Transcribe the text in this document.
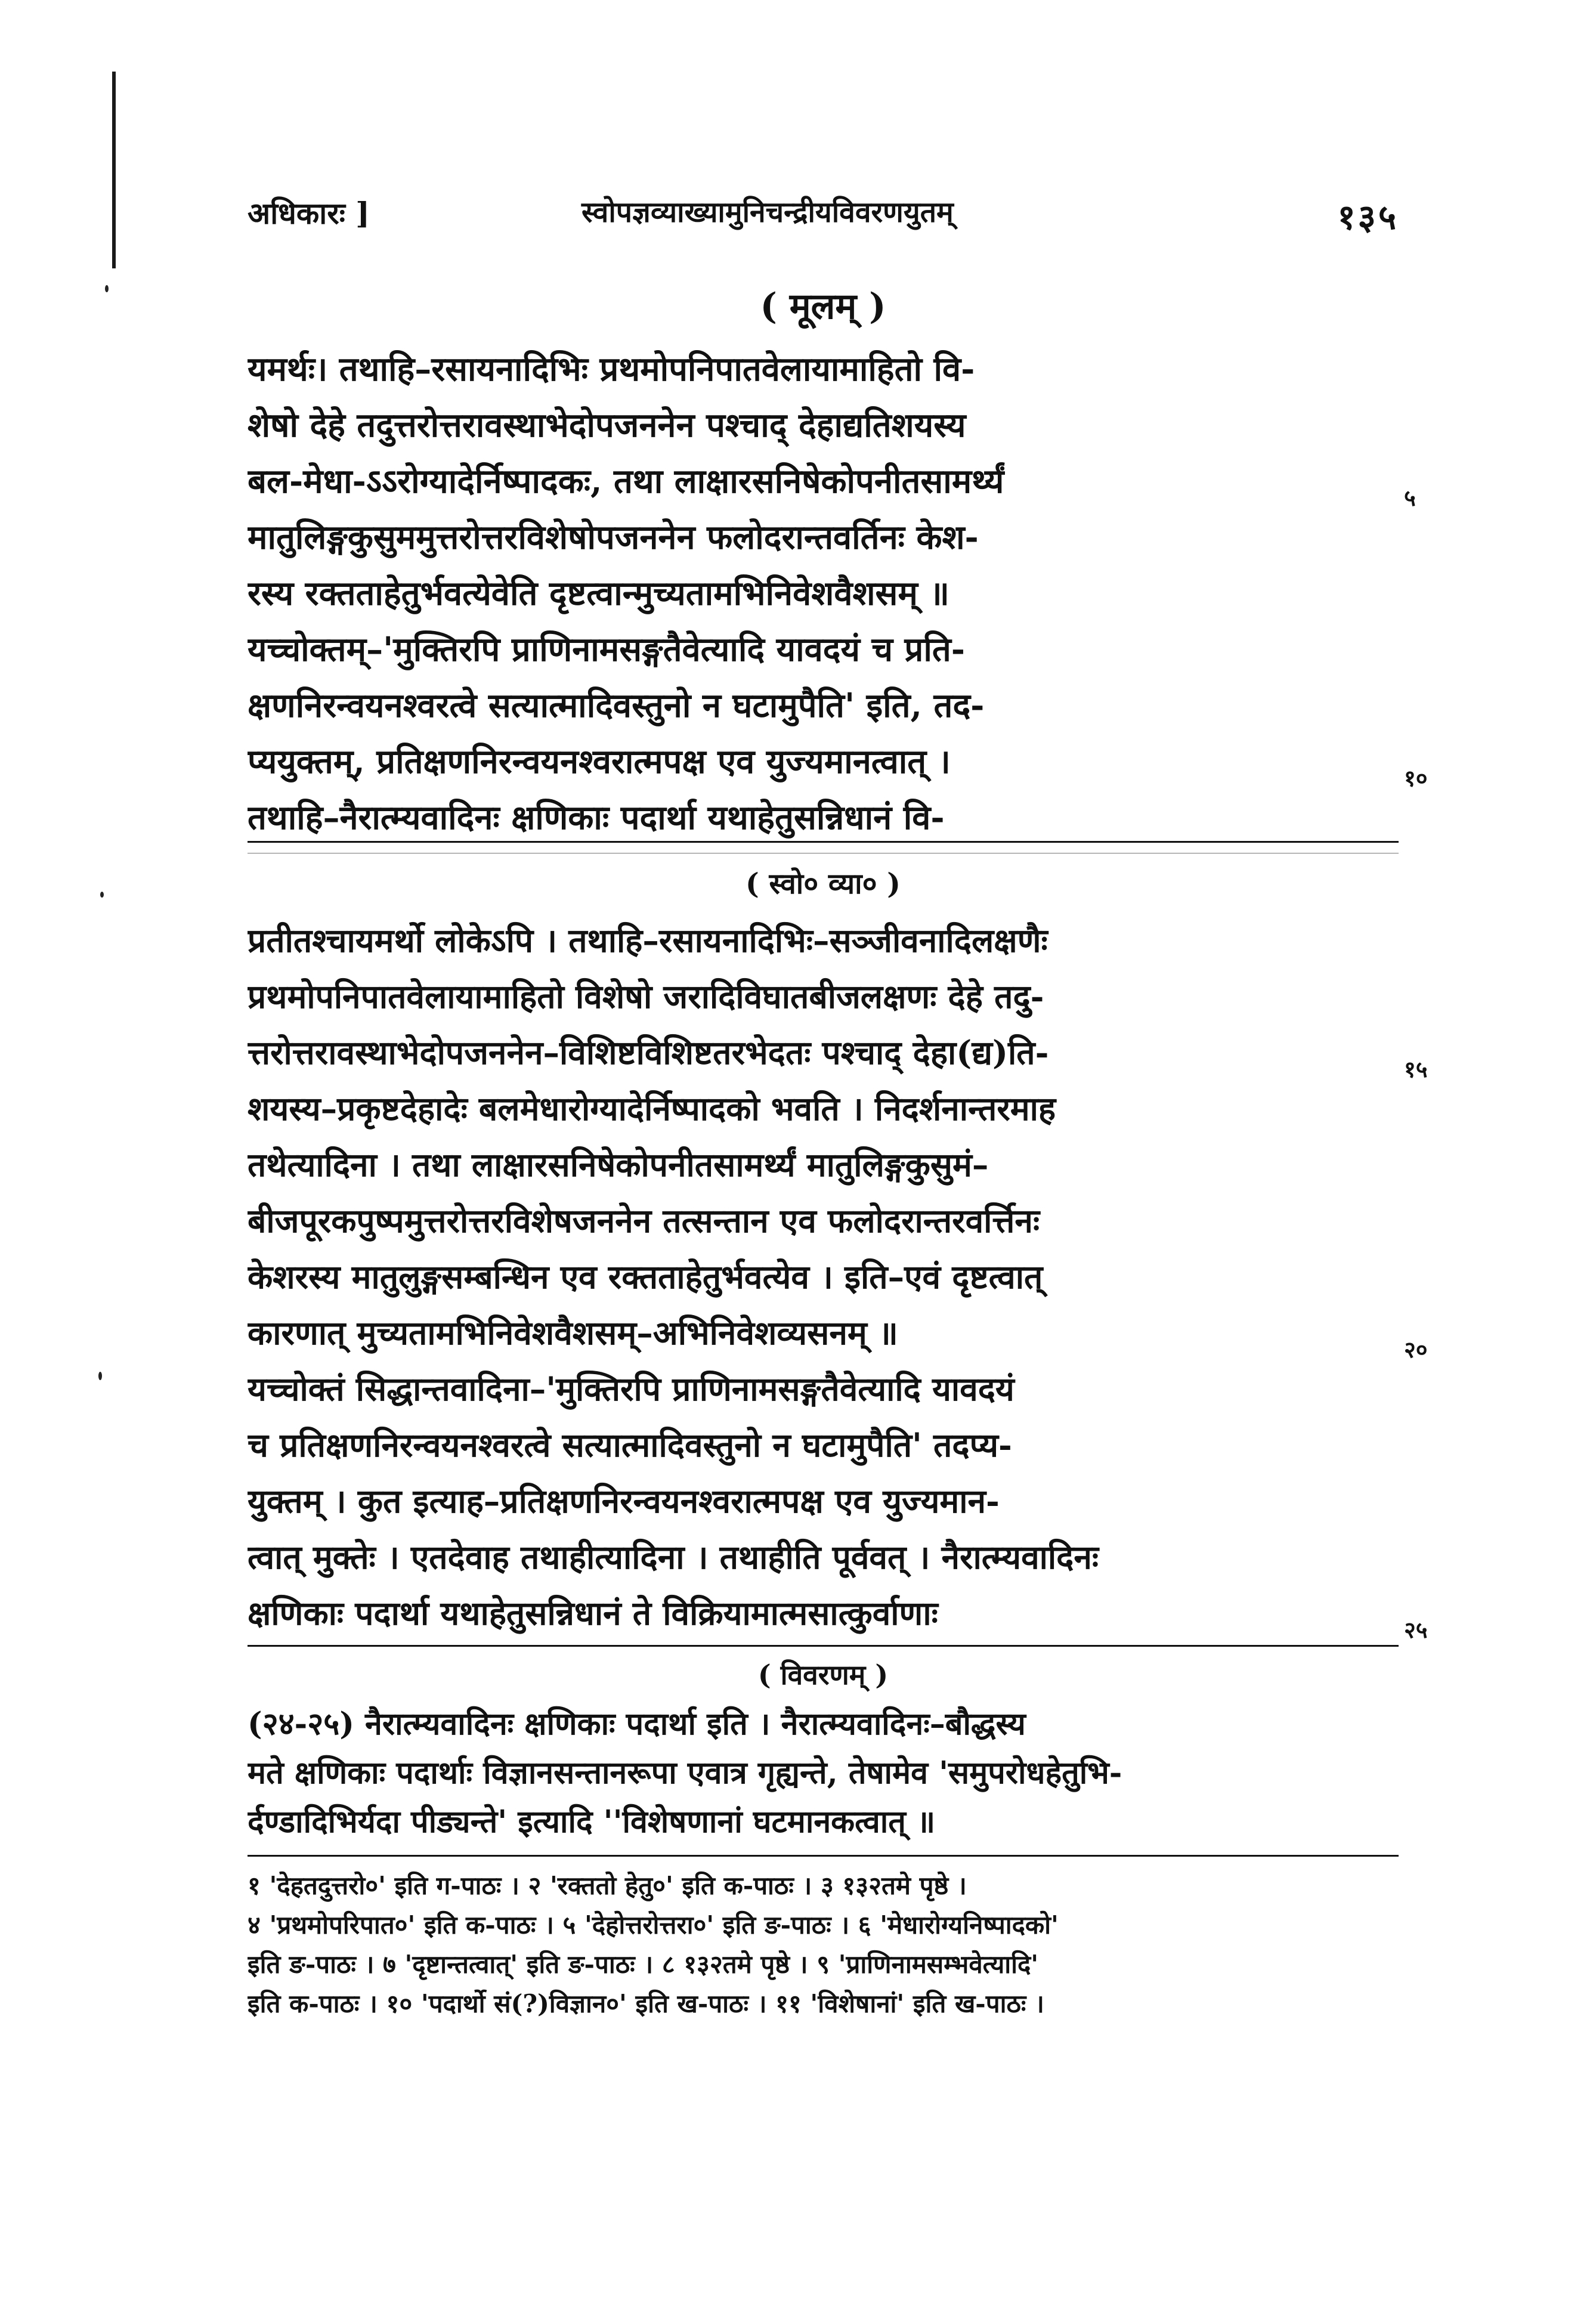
अधिकारः ]	स्वोपज्ञव्याख्यामुनिचन्द्रीयविवरणयुतम्	१३५
( मूलम् )
यमर्थः। तथाहि–रसायनादिभिः प्रथमोपनिपातवेलायामाहितो वि-
शेषो देहे तदुत्तरोत्तरावस्थाभेदोपजननेन पश्चाद् देहाद्यतिशयस्य
बल-मेधा-ऽऽरोग्यादेर्निष्पादकः, तथा लाक्षारसनिषेकोपनीतसामर्थ्यं
मातुलिङ्गकुसुममुत्तरोत्तरविशेषोपजननेन फलोदरान्तवर्तिनः केश-
रस्य रक्तताहेतुर्भवत्येवेति दृष्टत्वान्मुच्यतामभिनिवेशवैशसम् ॥
यच्चोक्तम्–'मुक्तिरपि प्राणिनामसङ्गतैवेत्यादि यावदयं च प्रति-
क्षणनिरन्वयनश्वरत्वे सत्यात्मादिवस्तुनो न घटामुपैति' इति, तद-
प्ययुक्तम्, प्रतिक्षणनिरन्वयनश्वरात्मपक्ष एव युज्यमानत्वात् ।
तथाहि–नैरात्म्यवादिनः क्षणिकाः पदार्था यथाहेतुसन्निधानं वि-
५
१०
( स्वो० व्या० )
प्रतीतश्चायमर्थो लोकेऽपि । तथाहि–रसायनादिभिः–सञ्जीवनादिलक्षणैः
प्रथमोपनिपातवेलायामाहितो विशेषो जरादिविघातबीजलक्षणः देहे तदु-
त्तरोत्तरावस्थाभेदोपजननेन–विशिष्टविशिष्टतरभेदतः पश्चाद् देहा(द्य)ति-
शयस्य–प्रकृष्टदेहादेः बलमेधारोग्यादेर्निष्पादको भवति । निदर्शनान्तरमाह
तथेत्यादिना । तथा लाक्षारसनिषेकोपनीतसामर्थ्यं मातुलिङ्गकुसुमं–
बीजपूरकपुष्पमुत्तरोत्तरविशेषजननेन तत्सन्तान एव फलोदरान्तरवर्त्तिनः
केशरस्य मातुलुङ्गसम्बन्धिन एव रक्तताहेतुर्भवत्येव । इति–एवं दृष्टत्वात्
कारणात् मुच्यतामभिनिवेशवैशसम्–अभिनिवेशव्यसनम् ॥
यच्चोक्तं सिद्धान्तवादिना–'मुक्तिरपि प्राणिनामसङ्गतैवेत्यादि यावदयं
च प्रतिक्षणनिरन्वयनश्वरत्वे सत्यात्मादिवस्तुनो न घटामुपैति' तदप्य-
युक्तम् । कुत इत्याह–प्रतिक्षणनिरन्वयनश्वरात्मपक्ष एव युज्यमान-
त्वात् मुक्तेः । एतदेवाह तथाहीत्यादिना । तथाहीति पूर्ववत् । नैरात्म्यवादिनः
क्षणिकाः पदार्था यथाहेतुसन्निधानं ते विक्रियामात्मसात्कुर्वाणाः
१५
२०
२५
( विवरणम् )
(२४-२५) नैरात्म्यवादिनः क्षणिकाः पदार्था इति । नैरात्म्यवादिनः–बौद्धस्य
मते क्षणिकाः पदार्थाः विज्ञानसन्तानरूपा एवात्र गृह्यन्ते, तेषामेव 'समुपरोधहेतुभि-
र्दण्डादिभिर्यदा पीड्यन्ते' इत्यादि ''विशेषणानां घटमानकत्वात् ॥
१ 'देहतदुत्तरो०' इति ग-पाठः । २ 'रक्ततो हेतु०' इति क-पाठः । ३ १३२तमे पृष्ठे ।
४ 'प्रथमोपरिपात०' इति क-पाठः । ५ 'देहोत्तरोत्तरा०' इति ङ-पाठः । ६ 'मेधारोग्यनिष्पादको'
इति ङ-पाठः । ७ 'दृष्टान्तत्वात्' इति ङ-पाठः । ८ १३२तमे पृष्ठे । ९ 'प्राणिनामसम्भवेत्यादि'
इति क-पाठः । १० 'पदार्थो सं(?)विज्ञान०' इति ख-पाठः । ११ 'विशेषानां' इति ख-पाठः ।
